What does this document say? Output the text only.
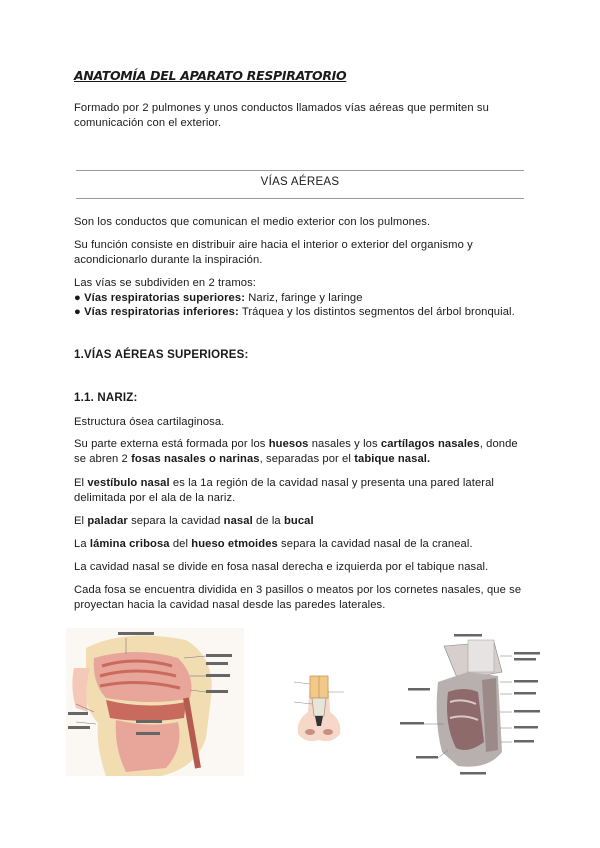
ANATOMÍA DEL APARATO RESPIRATORIO
Formado por 2 pulmones y unos conductos llamados vías aéreas que permiten su comunicación con el exterior.
VÍAS AÉREAS
Son los conductos que comunican el medio exterior con los pulmones.
Su función consiste en distribuir aire hacia el interior o exterior del organismo y acondicionarlo durante la inspiración.
Las vías se subdividen en 2 tramos:
● Vías respiratorias superiores: Nariz, faringe y laringe
● Vías respiratorias inferiores: Tráquea y los distintos segmentos del árbol bronquial.
1.VÍAS AÉREAS SUPERIORES:
1.1. NARIZ:
Estructura ósea cartilaginosa.
Su parte externa está formada por los huesos nasales y los cartílagos nasales, donde se abren 2 fosas nasales o narinas, separadas por el tabique nasal.
El vestíbulo nasal es la 1a región de la cavidad nasal y presenta una pared lateral delimitada por el ala de la nariz.
El paladar separa la cavidad nasal de la bucal
La lámina cribosa del hueso etmoides separa la cavidad nasal de la craneal.
La cavidad nasal se divide en fosa nasal derecha e izquierda por el tabique nasal.
Cada fosa se encuentra dividida en 3 pasillos o meatos por los cornetes nasales, que se proyectan hacia la cavidad nasal desde las paredes laterales.
